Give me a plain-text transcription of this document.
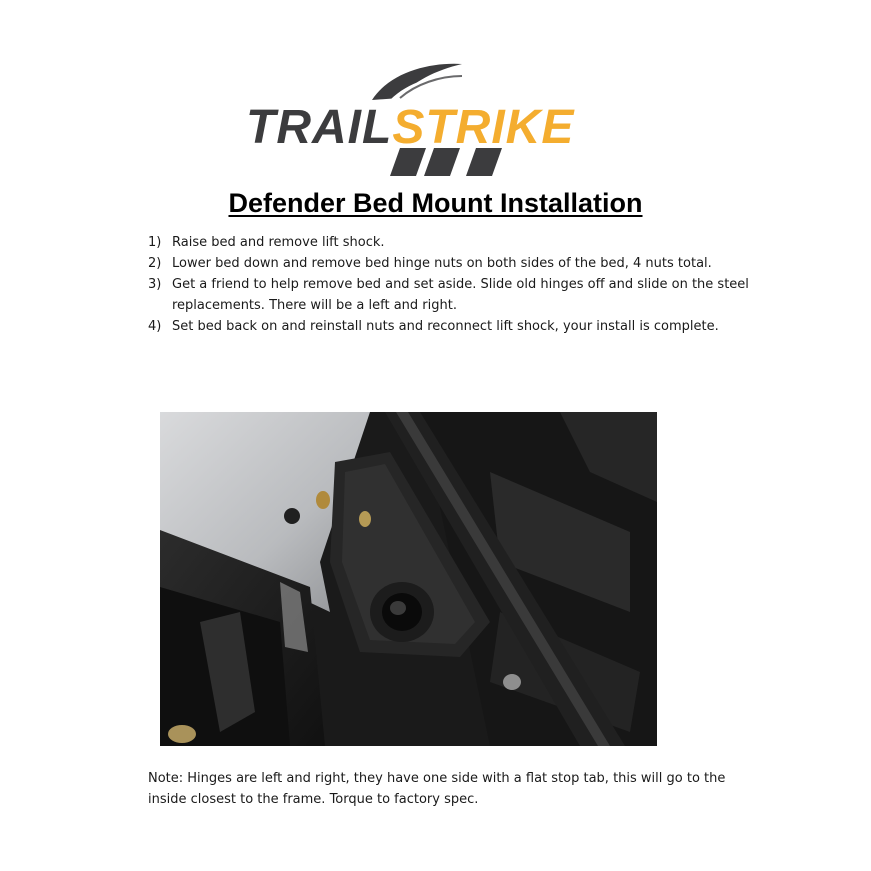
TRAILSTRIKE
Defender Bed Mount Installation
1) Raise bed and remove lift shock.
2) Lower bed down and remove bed hinge nuts on both sides of the bed, 4 nuts total.
3) Get a friend to help remove bed and set aside. Slide old hinges off and slide on the steel replacements. There will be a left and right.
4) Set bed back on and reinstall nuts and reconnect lift shock, your install is complete.

Note: Hinges are left and right, they have one side with a flat stop tab, this will go to the inside closest to the frame. Torque to factory spec.
